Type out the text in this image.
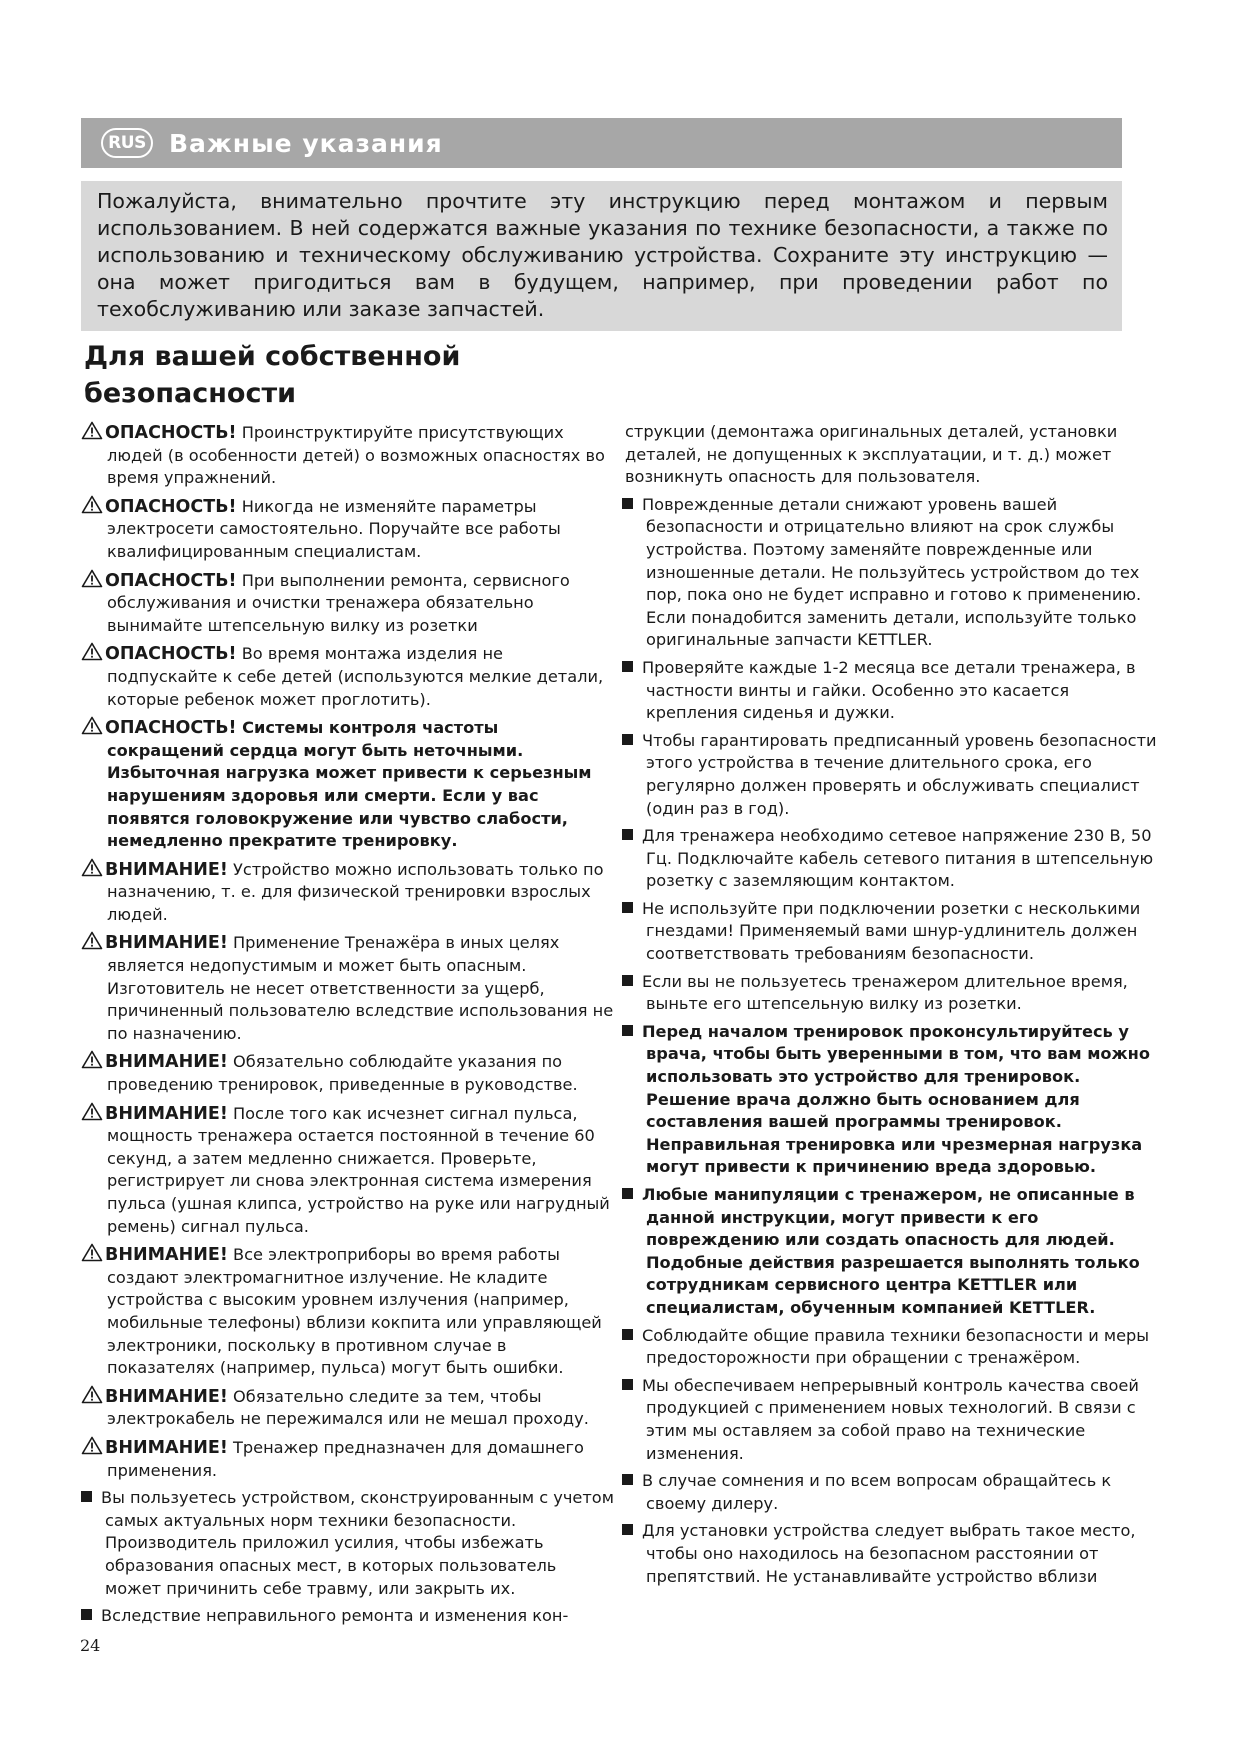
RUS Важные указания
Пожалуйста, внимательно прочтите эту инструкцию перед монтажом и первым использованием. В ней содержатся важные указания по технике безопасности, а также по использованию и техническому обслуживанию устройства. Сохраните эту инструкцию — она может пригодиться вам в будущем, например, при проведении работ по техобслуживанию или заказе запчастей.
Для вашей собственной безопасности
ОПАСНОСТЬ! Проинструктируйте присутствующих людей (в особенности детей) о возможных опасностях во время упражнений.
ОПАСНОСТЬ! Никогда не изменяйте параметры электросети самостоятельно. Поручайте все работы квалифицированным специалистам.
ОПАСНОСТЬ! При выполнении ремонта, сервисного обслуживания и очистки тренажера обязательно вынимайте штепсельную вилку из розетки
ОПАСНОСТЬ! Во время монтажа изделия не подпускайте к себе детей (используются мелкие детали, которые ребенок может проглотить).
ОПАСНОСТЬ! Системы контроля частоты сокращений сердца могут быть неточными. Избыточная нагрузка может привести к серьезным нарушениям здоровья или смерти. Если у вас появятся головокружение или чувство слабости, немедленно прекратите тренировку.
ВНИМАНИЕ! Устройство можно использовать только по назначению, т. е. для физической тренировки взрослых людей.
ВНИМАНИЕ! Применение Тренажёра в иных целях является недопустимым и может быть опасным. Изготовитель не несет ответственности за ущерб, причиненный пользователю вследствие использования не по назначению.
ВНИМАНИЕ! Обязательно соблюдайте указания по проведению тренировок, приведенные в руководстве.
ВНИМАНИЕ! После того как исчезнет сигнал пульса, мощность тренажера остается постоянной в течение 60 секунд, а затем медленно снижается. Проверьте, регистрирует ли снова электронная система измерения пульса (ушная клипса, устройство на руке или нагрудный ремень) сигнал пульса.
ВНИМАНИЕ! Все электроприборы во время работы создают электромагнитное излучение. Не кладите устройства с высоким уровнем излучения (например, мобильные телефоны) вблизи кокпита или управляющей электроники, поскольку в противном случае в показателях (например, пульса) могут быть ошибки.
ВНИМАНИЕ! Обязательно следите за тем, чтобы электрокабель не пережимался или не мешал проходу.
ВНИМАНИЕ! Тренажер предназначен для домашнего применения.
Вы пользуетесь устройством, сконструированным с учетом самых актуальных норм техники безопасности. Производитель приложил усилия, чтобы избежать образования опасных мест, в которых пользователь может причинить себе травму, или закрыть их.
Вследствие неправильного ремонта и изменения кон-
струкции (демонтажа оригинальных деталей, установки деталей, не допущенных к эксплуатации, и т. д.) может возникнуть опасность для пользователя.
Поврежденные детали снижают уровень вашей безопасности и отрицательно влияют на срок службы устройства. Поэтому заменяйте поврежденные или изношенные детали. Не пользуйтесь устройством до тех пор, пока оно не будет исправно и готово к применению. Если понадобится заменить детали, используйте только оригинальные запчасти KETTLER.
Проверяйте каждые 1-2 месяца все детали тренажера, в частности винты и гайки. Особенно это касается крепления сиденья и дужки.
Чтобы гарантировать предписанный уровень безопасности этого устройства в течение длительного срока, его регулярно должен проверять и обслуживать специалист (один раз в год).
Для тренажера необходимо сетевое напряжение 230 В, 50 Гц. Подключайте кабель сетевого питания в штепсельную розетку с заземляющим контактом.
Не используйте при подключении розетки с несколькими гнездами! Применяемый вами шнур-удлинитель должен соответствовать требованиям безопасности.
Если вы не пользуетесь тренажером длительное время, выньте его штепсельную вилку из розетки.
Перед началом тренировок проконсультируйтесь у врача, чтобы быть уверенными в том, что вам можно использовать это устройство для тренировок. Решение врача должно быть основанием для составления вашей программы тренировок. Неправильная тренировка или чрезмерная нагрузка могут привести к причинению вреда здоровью.
Любые манипуляции с тренажером, не описанные в данной инструкции, могут привести к его повреждению или создать опасность для людей. Подобные действия разрешается выполнять только сотрудникам сервисного центра KETTLER или специалистам, обученным компанией KETTLER.
Соблюдайте общие правила техники безопасности и меры предосторожности при обращении с тренажёром.
Мы обеспечиваем непрерывный контроль качества своей продукцией с применением новых технологий. В связи с этим мы оставляем за собой право на технические изменения.
В случае сомнения и по всем вопросам обращайтесь к своему дилеру.
Для установки устройства следует выбрать такое место, чтобы оно находилось на безопасном расстоянии от препятствий. Не устанавливайте устройство вблизи
24
